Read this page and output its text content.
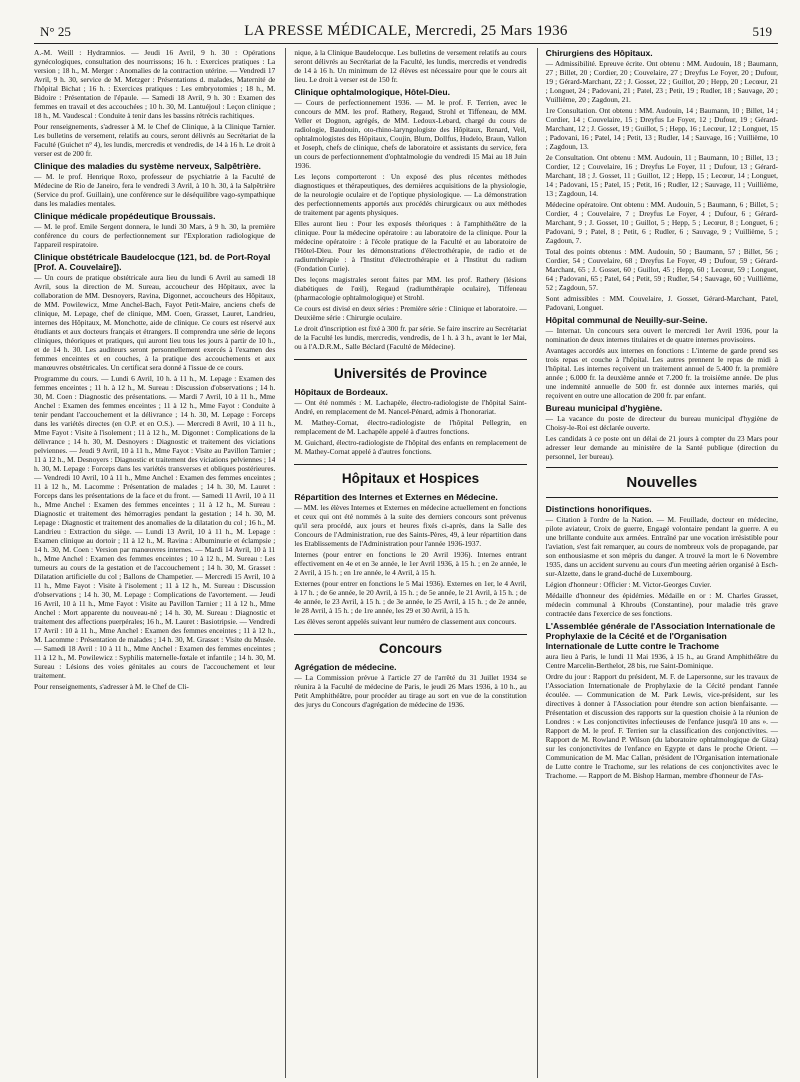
N° 25	LA PRESSE MÉDICALE, Mercredi, 25 Mars 1936	519

A.-M. Weill : Hydramnios. — Jeudi 16 Avril, 9 h. 30 : Opérations gynécologiques, consultation des nourrissons; 16 h. : Exercices pratiques : La version ; 18 h., M. Merger : Anomalies de la contraction utérine. — Vendredi 17 Avril, 9 h. 30, service de M. Metzger : Présentations d. malades, Maternité de l'hôpital Bichat ; 16 h. : Exercices pratiques : Les embryotomies ; 18 h., M. Bidoire : Présentation de l'épaule. — Samedi 18 Avril, 9 h. 30 : Examen des femmes en travail et des accouchées ; 10 h. 30, M. Lantuéjoul : Leçon clinique ; 18 h., M. Vaudescal : Conduite à tenir dans les bassins rétrécis rachitiques.

Pour renseignements, s'adresser à M. le Chef de Clinique, à la Clinique Tarnier. Les bulletins de versement, relatifs au cours, seront délivrés au Secrétariat de la Faculté (Guichet n° 4), les lundis, mercredis et vendredis, de 14 à 16 h. Le droit à verser est de 200 fr.

Clinique des maladies du système nerveux, Salpêtrière.

— M. le prof. Henrique Roxo, professeur de psychiatrie à la Faculté de Médecine de Rio de Janeiro, fera le vendredi 3 Avril, à 10 h. 30, à la Salpêtrière (Service du prof. Guillain), une conférence sur le déséquilibre vago-sympathique dans les maladies mentales.

Clinique médicale propédeutique Broussais.

— M. le prof. Emile Sergent donnera, le lundi 30 Mars, à 9 h. 30, la première conférence du cours de perfectionnement sur l'Exploration radiologique de l'appareil respiratoire.

Clinique obstétricale Baudelocque (121, bd. de Port-Royal [Prof. A. Couvelaire]).

— Un cours de pratique obstétricale aura lieu du lundi 6 Avril au samedi 18 Avril, sous la direction de M. Sureau, accoucheur des Hôpitaux, avec la collaboration de MM. Desnoyers, Ravina, Digonnet, accoucheurs des Hôpitaux, de MM. Powilewicz, Mme Anchel-Bach, Fayot Petit-Maire, anciens chefs de clinique, M. Lepage, chef de clinique, MM. Coen, Grasset, Lauret, Landrieu, internes des Hôpitaux, M. Monchotte, aide de clinique. Ce cours est réservé aux étudiants et aux docteurs français et étrangers. Il comprendra une série de leçons cliniques, théoriques et pratiques, qui auront lieu tous les jours à partir de 10 h., et de 14 h. 30. Les auditeurs seront personnellement exercés à l'examen des femmes enceintes et en couches, à la pratique des accouchements et aux manœuvres obstétricales. Un certificat sera donné à l'issue de ce cours.

Programme du cours. — Lundi 6 Avril, 10 h. à 11 h., M. Lepage : Examen des femmes enceintes ; 11 h. à 12 h., M. Sureau : Discussion d'observations ; 14 h. 30, M. Coen : Diagnostic des présentations. — Mardi 7 Avril, 10 à 11 h., Mme Anchel : Examen des femmes enceintes ; 11 à 12 h., Mme Fayot : Conduite à tenir pendant l'accouchement et la délivrance ; 14 h. 30, M. Lepage : Forceps dans les variétés directes (en O.P. et en O.S.). — Mercredi 8 Avril, 10 à 11 h., Mme Fayot : Visite à l'isolement ; 11 à 12 h., M. Digonnet : Complications de la délivrance ; 14 h. 30, M. Desnoyers : Diagnostic et traitement des viciations pelviennes. — Jeudi 9 Avril, 10 à 11 h., Mme Fayot : Visite au Pavillon Tarnier ; 11 à 12 h., M. Desnoyers : Diagnostic et traitement des viciations pelviennes ; 14 h. 30, M. Lepage : Forceps dans les variétés transverses et obliques postérieures. — Vendredi 10 Avril, 10 à 11 h., Mme Anchel : Examen des femmes enceintes ; 11 à 12 h., M. Lacomme : Présentation de malades ; 14 h. 30, M. Lauret : Forceps dans les présentations de la face et du front. — Samedi 11 Avril, 10 à 11 h., Mme Anchel : Examen des femmes enceintes ; 11 à 12 h., M. Sureau : Diagnostic et traitement des hémorragies pendant la gestation ; 14 h. 30, M. Lepage : Diagnostic et traitement des anomalies de la dilatation du col ; 16 h., M. Landrieu : Extraction du siège. — Lundi 13 Avril, 10 à 11 h., M. Lepage : Examen clinique au dortoir ; 11 à 12 h., M. Ravina : Albuminurie et éclampsie ; 14 h. 30, M. Coen : Version par manœuvres internes. — Mardi 14 Avril, 10 à 11 h., Mme Anchel : Examen des femmes enceintes ; 10 à 12 h., M. Sureau : Les tumeurs au cours de la gestation et de l'accouchement ; 14 h. 30, M. Grasset : Dilatation artificielle du col ; Ballons de Champetier. — Mercredi 15 Avril, 10 à 11 h., Mme Fayot : Visite à l'isolement ; 11 à 12 h., M. Sureau : Discussion d'observations ; 14 h. 30, M. Lepage : Complications de l'avortement. — Jeudi 16 Avril, 10 à 11 h., Mme Fayot : Visite au Pavillon Tarnier ; 11 à 12 h., Mme Anchel : Mort apparente du nouveau-né ; 14 h. 30, M. Sureau : Diagnostic et traitement des affections puerpérales; 16 h., M. Lauret : Basiotripsie. — Vendredi 17 Avril : 10 à 11 h., Mme Anchel : Examen des femmes enceintes ; 11 à 12 h., M. Lacomme : Présentation de malades ; 14 h. 30, M. Grasset : Visite du Musée. — Samedi 18 Avril : 10 à 11 h., Mme Anchel : Examen des femmes enceintes ; 11 à 12 h., M. Powilewicz : Syphilis maternelle-fœtale et infantile ; 14 h. 30, M. Sureau : Lésions des voies génitales au cours de l'accouchement et leur traitement.

Pour renseignements, s'adresser à M. le Chef de Cli-

nique, à la Clinique Baudelocque. Les bulletins de versement relatifs au cours seront délivrés au Secrétariat de la Faculté, les lundis, mercredis et vendredis de 14 à 16 h. Un minimum de 12 élèves est nécessaire pour que le cours ait lieu. Le droit à verser est de 150 fr.

Clinique ophtalmologique, Hôtel-Dieu.

— Cours de perfectionnement 1936. — M. le prof. F. Terrien, avec le concours de MM. les prof. Rathery, Regaud, Strohl et Tiffeneau, de MM. Veller et Dognon, agrégés, de MM. Ledoux-Lebard, chargé du cours de radiologie, Baudouin, oto-rhino-laryngologiste des Hôpitaux, Renard, Veil, ophtalmologistes des Hôpitaux, Coujin, Blum, Dollfus, Hudelo, Braun, Vallon et Joseph, chefs de clinique, chefs de laboratoire et assistants du service, fera un cours de perfectionnement d'ophtalmologie du vendredi 15 Mai au 18 Juin 1936.

Les leçons comporteront : Un exposé des plus récentes méthodes diagnostiques et thérapeutiques, des dernières acquisitions de la physiologie, de la neurologie oculaire et de l'optique physiologique. — La démonstration des perfectionnements apportés aux procédés chirurgicaux ou aux méthodes de traitement par agents physiques.

Elles auront lieu : Pour les exposés théoriques : à l'amphithéâtre de la clinique. Pour la médecine opératoire : au laboratoire de la clinique. Pour la médecine opératoire : à l'école pratique de la Faculté et au laboratoire de l'Hôtel-Dieu. Pour les démonstrations d'électrothérapie, de radio et de radiumthérapie : à l'Institut d'électrothérapie et à l'Institut du radium (Fondation Curie).

Des leçons magistrales seront faites par MM. les prof. Rathery (lésions diabétiques de l'œil), Regaud (radiumthérapie oculaire), Tiffeneau (pharmacologie ophtalmologique) et Strohl.

Ce cours est divisé en deux séries : Première série : Clinique et laboratoire. — Deuxième série : Chirurgie oculaire.

Le droit d'inscription est fixé à 300 fr. par série. Se faire inscrire au Secrétariat de la Faculté les lundis, mercredis, vendredis, de 1 h. à 3 h., avant le 1er Mai, ou à l'A.D.R.M., Salle Béclard (Faculté de Médecine).

Universités de Province
Hôpitaux de Bordeaux.

— Ont été nommés : M. Lachapèle, électro-radiologiste de l'hôpital Saint-André, en remplacement de M. Nancel-Pénard, admis à l'honorariat.

M. Mathey-Cornat, électro-radiologiste de l'hôpital Pellegrin, en remplacement de M. Lachapèle appelé à d'autres fonctions.

M. Guichard, électro-radiologiste de l'hôpital des enfants en remplacement de M. Mathey-Cornat appelé à d'autres fonctions.

Hôpitaux et Hospices
Répartition des Internes et Externes en Médecine.

— MM. les élèves Internes et Externes en médecine actuellement en fonctions et ceux qui ont été nommés à la suite des derniers concours sont prévenus qu'il sera procédé, aux jours et heures fixés ci-après, dans la Salle des Concours de l'Administration, rue des Saints-Pères, 49, à leur répartition dans les Etablissements de l'Administration pour l'année 1936-1937.

Internes (pour entrer en fonctions le 20 Avril 1936). Internes entrant effectivement en 4e et en 3e année, le 1er Avril 1936, à 15 h. ; en 2e année, le 2 Avril, à 15 h. ; en 1re année, le 4 Avril, à 15 h.

Externes (pour entrer en fonctions le 5 Mai 1936). Externes en 1er, le 4 Avril, à 17 h. ; de 6e année, le 20 Avril, à 15 h. ; de 5e année, le 21 Avril, à 15 h. ; de 4e année, le 23 Avril, à 15 h. ; de 3e année, le 25 Avril, à 15 h. ; de 2e année, le 28 Avril, à 15 h. ; de 1re année, les 29 et 30 Avril, à 15 h.

Les élèves seront appelés suivant leur numéro de classement aux concours.

Concours
Agrégation de médecine.

— La Commission prévue à l'article 27 de l'arrêté du 31 Juillet 1934 se réunira à la Faculté de médecine de Paris, le jeudi 26 Mars 1936, à 10 h., au Petit Amphithéâtre, pour procéder au tirage au sort en vue de la constitution des jurys du Concours d'agrégation de médecine de 1936.

Chirurgiens des Hôpitaux.

— Admissibilité. Epreuve écrite. Ont obtenu : MM. Audouin, 18 ; Baumann, 27 ; Billet, 20 ; Cordier, 20 ; Couvelaire, 27 ; Dreyfus Le Foyer, 20 ; Dufour, 19 ; Gérard-Marchant, 22 ; J. Gosset, 22 ; Guillot, 20 ; Hepp, 20 ; Lecœur, 21 ; Longuet, 24 ; Padovani, 21 ; Patel, 23 ; Petit, 19 ; Rudler, 18 ; Sauvage, 20 ; Vuillième, 20 ; Zagdoun, 21.

1re Consultation. Ont obtenu : MM. Audouin, 14 ; Baumann, 10 ; Billet, 14 ; Cordier, 14 ; Couvelaire, 15 ; Dreyfus Le Foyer, 12 ; Dufour, 19 ; Gérard-Marchant, 12 ; J. Gosset, 19 ; Guillot, 5 ; Hepp, 16 ; Lecœur, 12 ; Longuet, 15 ; Padovani, 16 ; Patel, 14 ; Petit, 13 ; Rudler, 14 ; Sauvage, 16 ; Vuillième, 10 ; Zagdoun, 13.

2e Consultation. Ont obtenu : MM. Audouin, 11 ; Baumann, 10 ; Billet, 13 ; Cordier, 12 ; Couvelaire, 16 ; Dreyfus Le Foyer, 11 ; Dufour, 13 ; Gérard-Marchant, 18 ; J. Gosset, 11 ; Guillot, 12 ; Hepp, 15 ; Lecœur, 14 ; Longuet, 14 ; Padovani, 15 ; Patel, 15 ; Petit, 16 ; Rudler, 12 ; Sauvage, 11 ; Vuillième, 13 ; Zagdoun, 14.

Médecine opératoire. Ont obtenu : MM. Audouin, 5 ; Baumann, 6 ; Billet, 5 ; Cordier, 4 ; Couvelaire, 7 ; Dreyfus Le Foyer, 4 ; Dufour, 6 ; Gérard-Marchant, 9 ; J. Gosset, 10 ; Guillot, 5 ; Hepp, 5 ; Lecœur, 8 ; Longuet, 6 ; Padovani, 9 ; Patel, 8 ; Petit, 6 ; Rudler, 6 ; Sauvage, 9 ; Vuillième, 5 ; Zagdoun, 7.

Total des points obtenus : MM. Audouin, 50 ; Baumann, 57 ; Billet, 56 ; Cordier, 54 ; Couvelaire, 68 ; Dreyfus Le Foyer, 49 ; Dufour, 59 ; Gérard-Marchant, 65 ; J. Gosset, 60 ; Guillot, 45 ; Hepp, 60 ; Lecœur, 59 ; Longuet, 64 ; Padovani, 65 ; Patel, 64 ; Petit, 59 ; Rudler, 54 ; Sauvage, 60 ; Vuillième, 52 ; Zagdoun, 57.

Sont admissibles : MM. Couvelaire, J. Gosset, Gérard-Marchant, Patel, Padovani, Longuet.

Hôpital communal de Neuilly-sur-Seine.

— Internat. Un concours sera ouvert le mercredi 1er Avril 1936, pour la nomination de deux internes titulaires et de quatre internes provisoires.

Avantages accordés aux internes en fonctions : L'interne de garde prend ses trois repas et couche à l'hôpital. Les autres prennent le repas de midi à l'hôpital. Les internes reçoivent un traitement annuel de 5.400 fr. la première année ; 6.000 fr. la deuxième année et 7.200 fr. la troisième année. De plus une indemnité annuelle de 500 fr. est donnée aux internes mariés, qui reçoivent en outre une allocation de 200 fr. par enfant.

Bureau municipal d'hygiène.

— La vacance du poste de directeur du bureau municipal d'hygiène de Choisy-le-Roi est déclarée ouverte.

Les candidats à ce poste ont un délai de 21 jours à compter du 23 Mars pour adresser leur demande au ministère de la Santé publique (direction du personnel, 1er bureau).

Nouvelles
Distinctions honorifiques.

— Citation à l'ordre de la Nation. — M. Feuillade, docteur en médecine, pilote aviateur, Croix de guerre, Engagé volontaire pendant la guerre. A eu une brillante conduite aux armées. Entraîné par une vocation irrésistible pour l'aviation, s'est fait remarquer, au cours de nombreux vols de propagande, par son enthousiasme et son mépris du danger. A trouvé la mort le 6 Novembre 1935, dans un accident survenu au cours d'un meeting aérien organisé à Esch-sur-Alzette, dans le grand-duché de Luxembourg.

Légion d'honneur : Officier : M. Victor-Georges Cuvier.

Médaille d'honneur des épidémies. Médaille en or : M. Charles Grasset, médecin communal à Khroubs (Constantine), pour maladie très grave contractée dans l'exercice de ses fonctions.

L'Assemblée générale de l'Association Internationale de Prophylaxie de la Cécité et de l'Organisation Internationale de Lutte contre le Trachome

aura lieu à Paris, le lundi 11 Mai 1936, à 15 h., au Grand Amphithéâtre du Centre Marcelin-Berthelot, 28 bis, rue Saint-Dominique.

Ordre du jour : Rapport du président, M. F. de Lapersonne, sur les travaux de l'Association Internationale de Prophylaxie de la Cécité pendant l'année écoulée. — Communication de M. Park Lewis, vice-président, sur les directives à donner à l'Association pour étendre son action bienfaisante. — Présentation et discussion des rapports sur la question choisie à la réunion de Londres : « Les conjonctivites infectieuses de l'enfance jusqu'à 10 ans ». — Rapport de M. le prof. F. Terrien sur la classification des conjonctivites. — Rapport de M. Rowland P. Wilson (du laboratoire ophtalmologique de Giza) sur les conjonctivites de l'enfance en Egypte et dans le proche Orient. — Communication de M. Mac Callan, président de l'Organisation internationale de Lutte contre le Trachome, sur les relations de ces conjonctivites avec le Trachome. — Rapport de M. Bishop Harman, membre d'honneur de l'As-
